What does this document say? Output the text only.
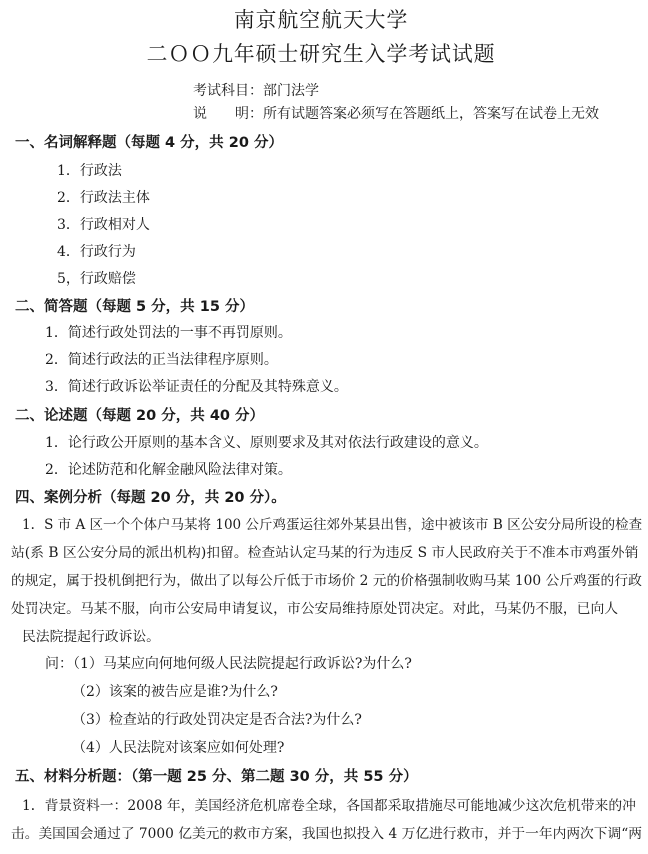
南京航空航天大学
二ＯＯ九年硕士研究生入学考试试题
考试科目：部门法学
说　　明：所有试题答案必须写在答题纸上，答案写在试卷上无效
一、名词解释题（每题 4 分，共 20 分）
1．行政法
2．行政法主体
3．行政相对人
4．行政行为
5，行政赔偿
二、简答题（每题 5 分，共 15 分）
1．简述行政处罚法的一事不再罚原则。
2．简述行政法的正当法律程序原则。
3．简述行政诉讼举证责任的分配及其特殊意义。
二、论述题（每题 20 分，共 40 分）
1．论行政公开原则的基本含义、原则要求及其对依法行政建设的意义。
2．论述防范和化解金融风险法律对策。
四、案例分析（每题 20 分，共 20 分）。
1．S 市 A 区一个个体户马某将 100 公斤鸡蛋运往郊外某县出售，途中被该市 B 区公安分局所设的检查
站(系 B 区公安分局的派出机构)扣留。检查站认定马某的行为违反 S 市人民政府关于不准本市鸡蛋外销
的规定，属于投机倒把行为，做出了以每公斤低于市场价 2 元的价格强制收购马某 100 公斤鸡蛋的行政
处罚决定。马某不服，向市公安局申请复议，市公安局维持原处罚决定。对此，马某仍不服，已向人
民法院提起行政诉讼。
问：（1）马某应向何地何级人民法院提起行政诉讼?为什么?
（2）该案的被告应是谁?为什么?
（3）检查站的行政处罚决定是否合法?为什么?
（4）人民法院对该案应如何处理?
五、材料分析题：（第一题 25 分、第二题 30 分，共 55 分）
1．背景资料一：2008 年，美国经济危机席卷全球，各国都采取措施尽可能地减少这次危机带来的冲
击。美国国会通过了 7000 亿美元的救市方案，我国也拟投入 4 万亿进行救市，并于一年内两次下调“两
